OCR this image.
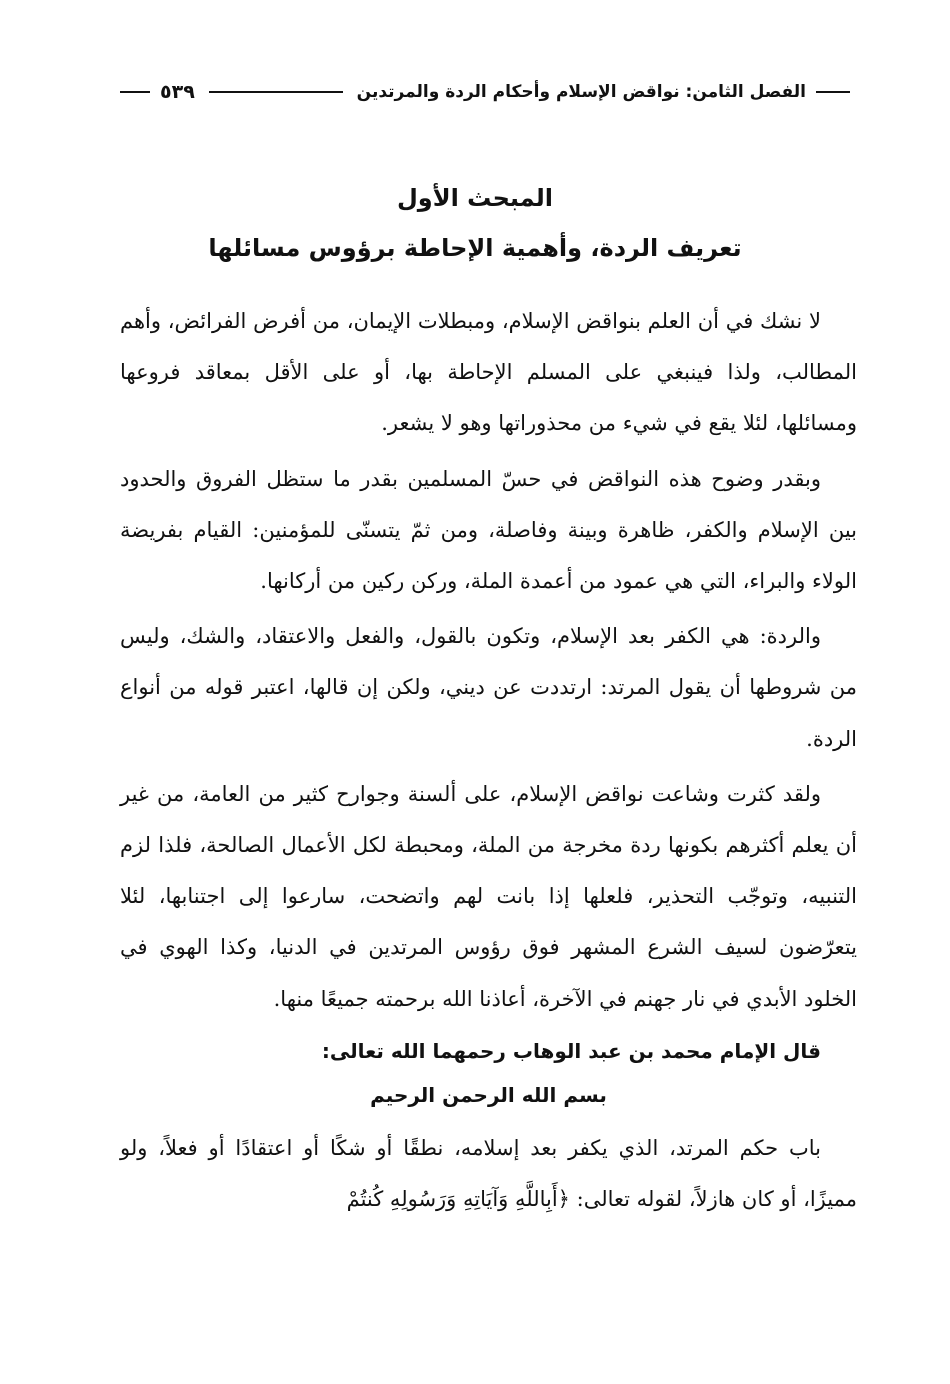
الفصل الثامن: نواقض الإسلام وأحكام الردة والمرتدين
٥٣٩
المبحث الأول
تعريف الردة، وأهمية الإحاطة برؤوس مسائلها

لا نشك في أن العلم بنواقض الإسلام، ومبطلات الإيمان، من أفرض الفرائض، وأهم المطالب، ولذا فينبغي على المسلم الإحاطة بها، أو على الأقل بمعاقد فروعها ومسائلها، لئلا يقع في شيء من محذوراتها وهو لا يشعر.

وبقدر وضوح هذه النواقض في حسّ المسلمين بقدر ما ستظل الفروق والحدود بين الإسلام والكفر، ظاهرة وبينة وفاصلة، ومن ثمّ يتسنّى للمؤمنين: القيام بفريضة الولاء والبراء، التي هي عمود من أعمدة الملة، وركن ركين من أركانها.

والردة: هي الكفر بعد الإسلام، وتكون بالقول، والفعل والاعتقاد، والشك، وليس من شروطها أن يقول المرتد: ارتددت عن ديني، ولكن إن قالها، اعتبر قوله من أنواع الردة.

ولقد كثرت وشاعت نواقض الإسلام، على ألسنة وجوارح كثير من العامة، من غير أن يعلم أكثرهم بكونها ردة مخرجة من الملة، ومحبطة لكل الأعمال الصالحة، فلذا لزم التنبيه، وتوجّب التحذير، فلعلها إذا بانت لهم واتضحت، سارعوا إلى اجتنابها، لئلا يتعرّضون لسيف الشرع المشهر فوق رؤوس المرتدين في الدنيا، وكذا الهوي في الخلود الأبدي في نار جهنم في الآخرة، أعاذنا الله برحمته جميعًا منها.

قال الإمام محمد بن عبد الوهاب رحمهما الله تعالى:

بسم الله الرحمن الرحيم

باب حكم المرتد، الذي يكفر بعد إسلامه، نطقًا أو شكًا أو اعتقادًا أو فعلاً، ولو مميزًا، أو كان هازلاً، لقوله تعالى: ﴿أَبِاللَّهِ وَآيَاتِهِ وَرَسُولِهِ كُنتُمْ
